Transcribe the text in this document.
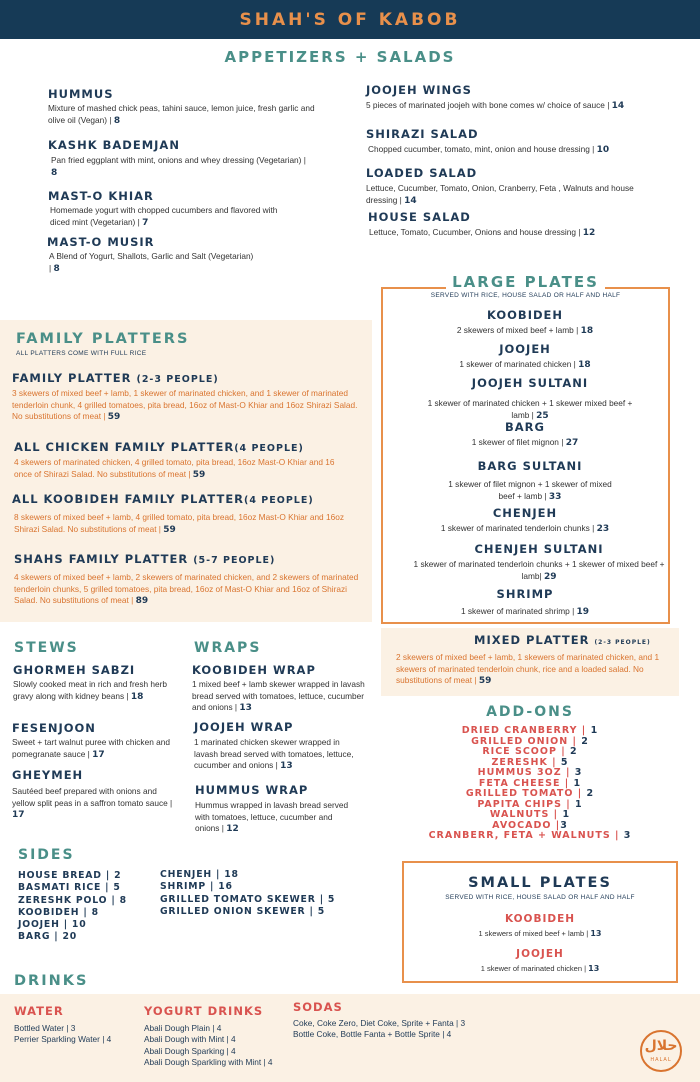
SHAH'S OF KABOB
APPETIZERS + SALADS
HUMMUS
Mixture of mashed chick peas, tahini sauce, lemon juice, fresh garlic and olive oil (Vegan) | 8
KASHK BADEMJAN
Pan fried eggplant with mint, onions and whey dressing (Vegetarian) | 8
MAST-O KHIAR
Homemade yogurt with chopped cucumbers and flavored with diced mint (Vegetarian) | 7
MAST-O MUSIR
A Blend of Yogurt, Shallots, Garlic and Salt (Vegetarian) | 8
JOOJEH WINGS
5 pieces of marinated joojeh with bone comes w/ choice of sauce | 14
SHIRAZI SALAD
Chopped cucumber, tomato, mint, onion and house dressing | 10
LOADED SALAD
Lettuce, Cucumber, Tomato, Onion, Cranberry, Feta , Walnuts and house dressing | 14
HOUSE SALAD
Lettuce, Tomato, Cucumber, Onions and house dressing | 12
FAMILY PLATTERS
ALL PLATTERS COME WITH FULL RICE
FAMILY PLATTER (2-3 PEOPLE)
3 skewers of mixed beef + lamb, 1 skewer of marinated chicken, and 1 skewer of marinated tenderloin chunk, 4 grilled tomatoes, pita bread, 16oz of Mast-O Khiar and 16oz Shirazi Salad. No substitutions of meat | 59
ALL CHICKEN FAMILY PLATTER(4 PEOPLE)
4 skewers of marinated chicken, 4 grilled tomato, pita bread, 16oz Mast-O Khiar and 16 once of Shirazi Salad. No substitutions of meat | 59
ALL KOOBIDEH FAMILY PLATTER(4 PEOPLE)
8 skewers of mixed beef + lamb, 4 grilled tomato, pita bread, 16oz Mast-O Khiar and 16oz Shirazi Salad. No substitutions of meat | 59
SHAHS FAMILY PLATTER (5-7 PEOPLE)
4 skewers of mixed beef + lamb, 2 skewers of marinated chicken, and 2 skewers of marinated tenderloin chunks, 5 grilled tomatoes, pita bread, 16oz of Mast-O Khiar and 16oz of Shirazi Salad. No substitutions of meat | 89
LARGE PLATES
SERVED WITH RICE, HOUSE SALAD OR HALF AND HALF
KOOBIDEH
2 skewers of mixed beef + lamb | 18
JOOJEH
1 skewer of marinated chicken | 18
JOOJEH SULTANI
1 skewer of marinated chicken + 1 skewer mixed beef + lamb | 25
BARG
1 skewer of filet mignon | 27
BARG SULTANI
1 skewer of filet mignon + 1 skewer of mixed beef + lamb | 33
CHENJEH
1 skewer of marinated tenderloin chunks | 23
CHENJEH SULTANI
1 skewer of marinated tenderloin chunks + 1 skewer of mixed beef + lamb| 29
SHRIMP
1 skewer of marinated shrimp | 19
MIXED PLATTER (2-3 PEOPLE)
2 skewers of mixed beef + lamb, 1 skewers of marinated chicken, and 1 skewers of marinated tenderloin chunk, rice and a loaded salad. No substitutions of meat | 59
STEWS
GHORMEH SABZI
Slowly cooked meat in rich and fresh herb gravy along with kidney beans | 18
FESENJOON
Sweet + tart walnut puree with chicken and pomegranate sauce | 17
GHEYMEH
Sautéed beef prepared with onions and yellow split peas in a saffron tomato sauce | 17
WRAPS
KOOBIDEH WRAP
1 mixed beef + lamb skewer wrapped in lavash bread served with tomatoes, lettuce, cucumber and onions | 13
JOOJEH WRAP
1 marinated chicken skewer wrapped in lavash bread served with tomatoes, lettuce, cucumber and onions | 13
HUMMUS WRAP
Hummus wrapped in lavash bread served with tomatoes, lettuce, cucumber and onions | 12
ADD-ONS
DRIED CRANBERRY | 1
GRILLED ONION | 2
RICE SCOOP | 2
ZERESHK | 5
HUMMUS 3OZ | 3
FETA CHEESE | 1
GRILLED TOMATO | 2
PAPITA CHIPS | 1
WALNUTS | 1
AVOCADO |3
CRANBERR, FETA + WALNUTS | 3
SIDES
HOUSE BREAD | 2
BASMATI RICE | 5
ZERESHK POLO | 8
KOOBIDEH | 8
JOOJEH | 10
BARG | 20
CHENJEH | 18
SHRIMP | 16
GRILLED TOMATO SKEWER | 5
GRILLED ONION SKEWER | 5
SMALL PLATES
SERVED WITH RICE, HOUSE SALAD OR HALF AND HALF
KOOBIDEH
1 skewers of mixed beef + lamb | 13
JOOJEH
1 skewer of marinated chicken | 13
DRINKS
WATER
Bottled Water | 3
Perrier Sparkling Water | 4
YOGURT DRINKS
Abali Dough Plain | 4
Abali Dough with Mint | 4
Abali Dough Sparking | 4
Abali Dough Sparkling with Mint | 4
SODAS
Coke, Coke Zero, Diet Coke, Sprite + Fanta | 3
Bottle Coke, Bottle Fanta + Bottle Sprite | 4
حلال
HALAL
